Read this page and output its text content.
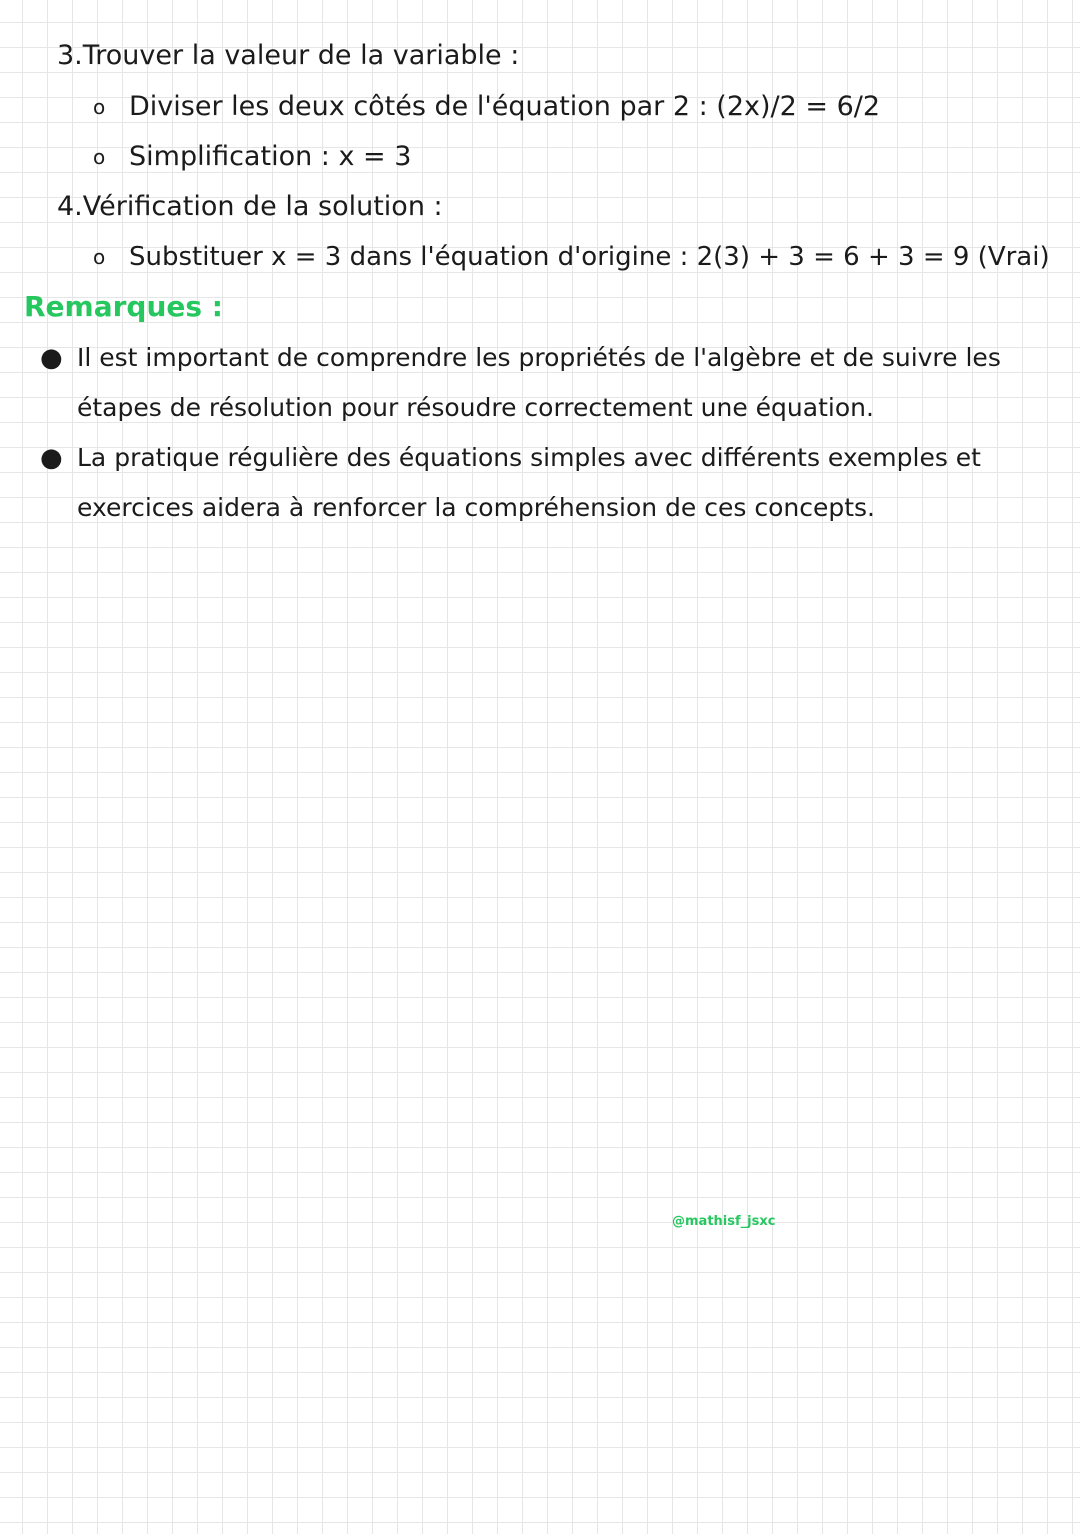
3.Trouver la valeur de la variable :
o Diviser les deux côtés de l'équation par 2 : (2x)/2 = 6/2
o Simplification : x = 3
4.Vérification de la solution :
o Substituer x = 3 dans l'équation d'origine : 2(3) + 3 = 6 + 3 = 9 (Vrai)
Remarques :
● Il est important de comprendre les propriétés de l'algèbre et de suivre les
étapes de résolution pour résoudre correctement une équation.
● La pratique régulière des équations simples avec différents exemples et
exercices aidera à renforcer la compréhension de ces concepts.
@mathisf_jsxc
